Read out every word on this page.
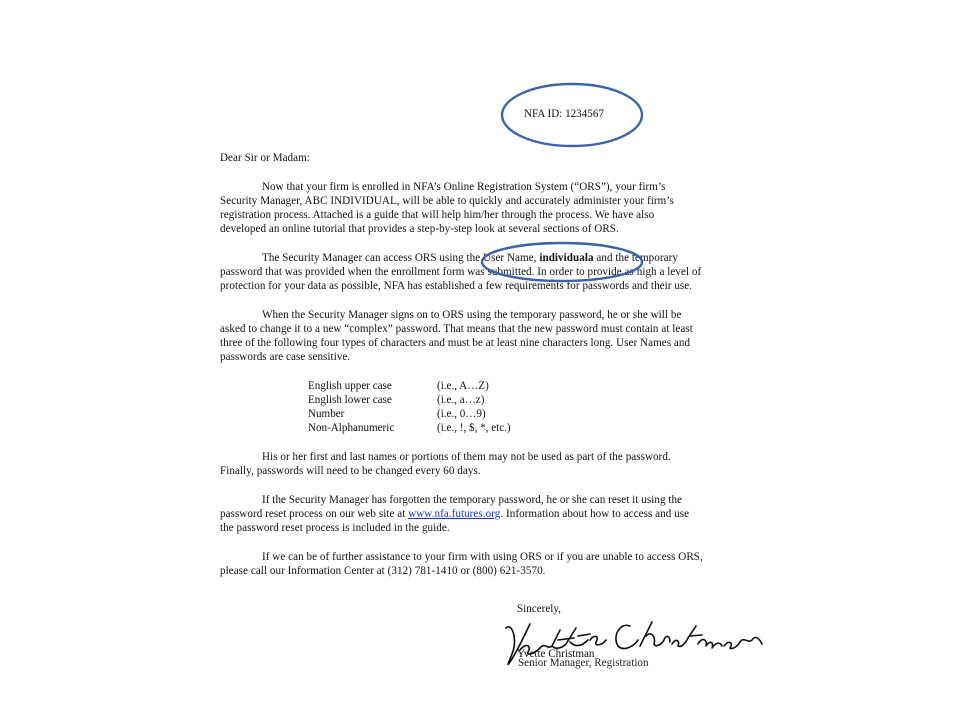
NFA ID: 1234567
Dear Sir or Madam:
Now that your firm is enrolled in NFA’s Online Registration System (“ORS”), your firm’s
Security Manager, ABC INDIVIDUAL, will be able to quickly and accurately administer your firm’s
registration process. Attached is a guide that will help him/her through the process. We have also
developed an online tutorial that provides a step-by-step look at several sections of ORS.
The Security Manager can access ORS using the User Name, individuala and the temporary
password that was provided when the enrollment form was submitted. In order to provide as high a level of
protection for your data as possible, NFA has established a few requirements for passwords and their use.
When the Security Manager signs on to ORS using the temporary password, he or she will be
asked to change it to a new “complex” password. That means that the new password must contain at least
three of the following four types of characters and must be at least nine characters long. User Names and
passwords are case sensitive.
English upper case	(i.e., A…Z)
English lower case	(i.e., a…z)
Number	(i.e., 0…9)
Non-Alphanumeric	(i.e., !, $, *, etc.)
His or her first and last names or portions of them may not be used as part of the password.
Finally, passwords will need to be changed every 60 days.
If the Security Manager has forgotten the temporary password, he or she can reset it using the
password reset process on our web site at www.nfa.futures.org. Information about how to access and use
the password reset process is included in the guide.
If we can be of further assistance to your firm with using ORS or if you are unable to access ORS,
please call our Information Center at (312) 781-1410 or (800) 621-3570.
Sincerely,
Yvette Christman
Senior Manager, Registration
